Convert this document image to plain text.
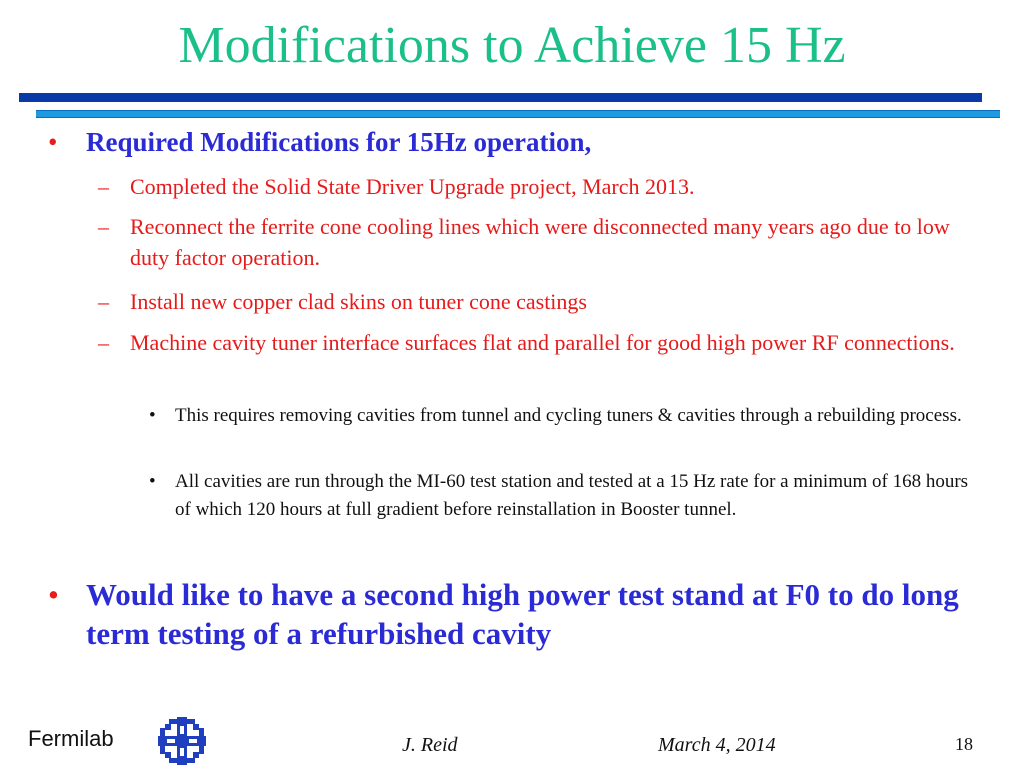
Modifications to Achieve 15 Hz
• Required Modifications for 15Hz operation,
– Completed the Solid State Driver Upgrade project, March 2013.
– Reconnect the ferrite cone cooling lines which were disconnected many years ago due to low duty factor operation.
– Install new copper clad skins on tuner cone castings
– Machine cavity tuner interface surfaces flat and parallel for good high power RF connections.
• This requires removing cavities from tunnel and cycling tuners & cavities through a rebuilding process.
• All cavities are run through the MI-60 test station and tested at a 15 Hz rate for a minimum of 168 hours of which 120 hours at full gradient before reinstallation in Booster tunnel.
• Would like to have a second high power test stand at F0 to do long term testing of a refurbished cavity
Fermilab	J. Reid	March 4, 2014	18
